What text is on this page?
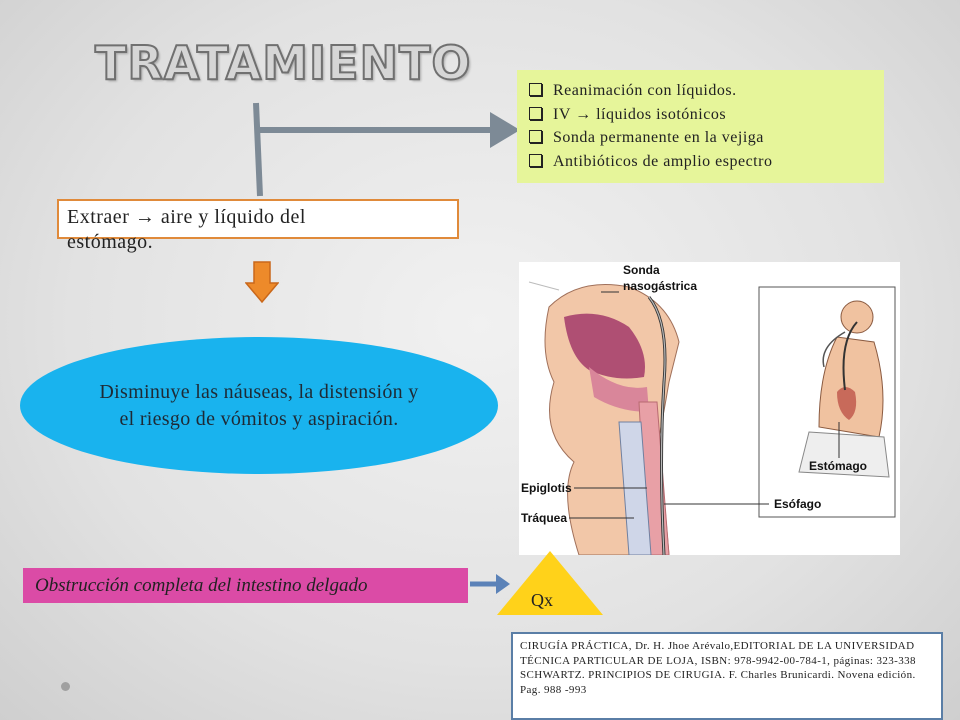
TRATAMIENTO
Reanimación con líquidos.
IV → líquidos isotónicos
Sonda permanente en la vejiga
Antibióticos de amplio espectro
Extraer → aire y líquido del estómago.
Disminuye las náuseas, la distensión y el riesgo de vómitos y aspiración.
Sonda nasogástrica
Estómago
Epiglotis
Esófago
Tráquea
Obstrucción completa del intestino delgado
Qx
CIRUGÍA PRÁCTICA, Dr. H. Jhoe Arévalo,EDITORIAL DE LA UNIVERSIDAD TÉCNICA PARTICULAR DE LOJA, ISBN: 978-9942-00-784-1, páginas: 323-338 SCHWARTZ. PRINCIPIOS DE CIRUGIA. F. Charles Brunicardi. Novena edición. Pag. 988 -993
